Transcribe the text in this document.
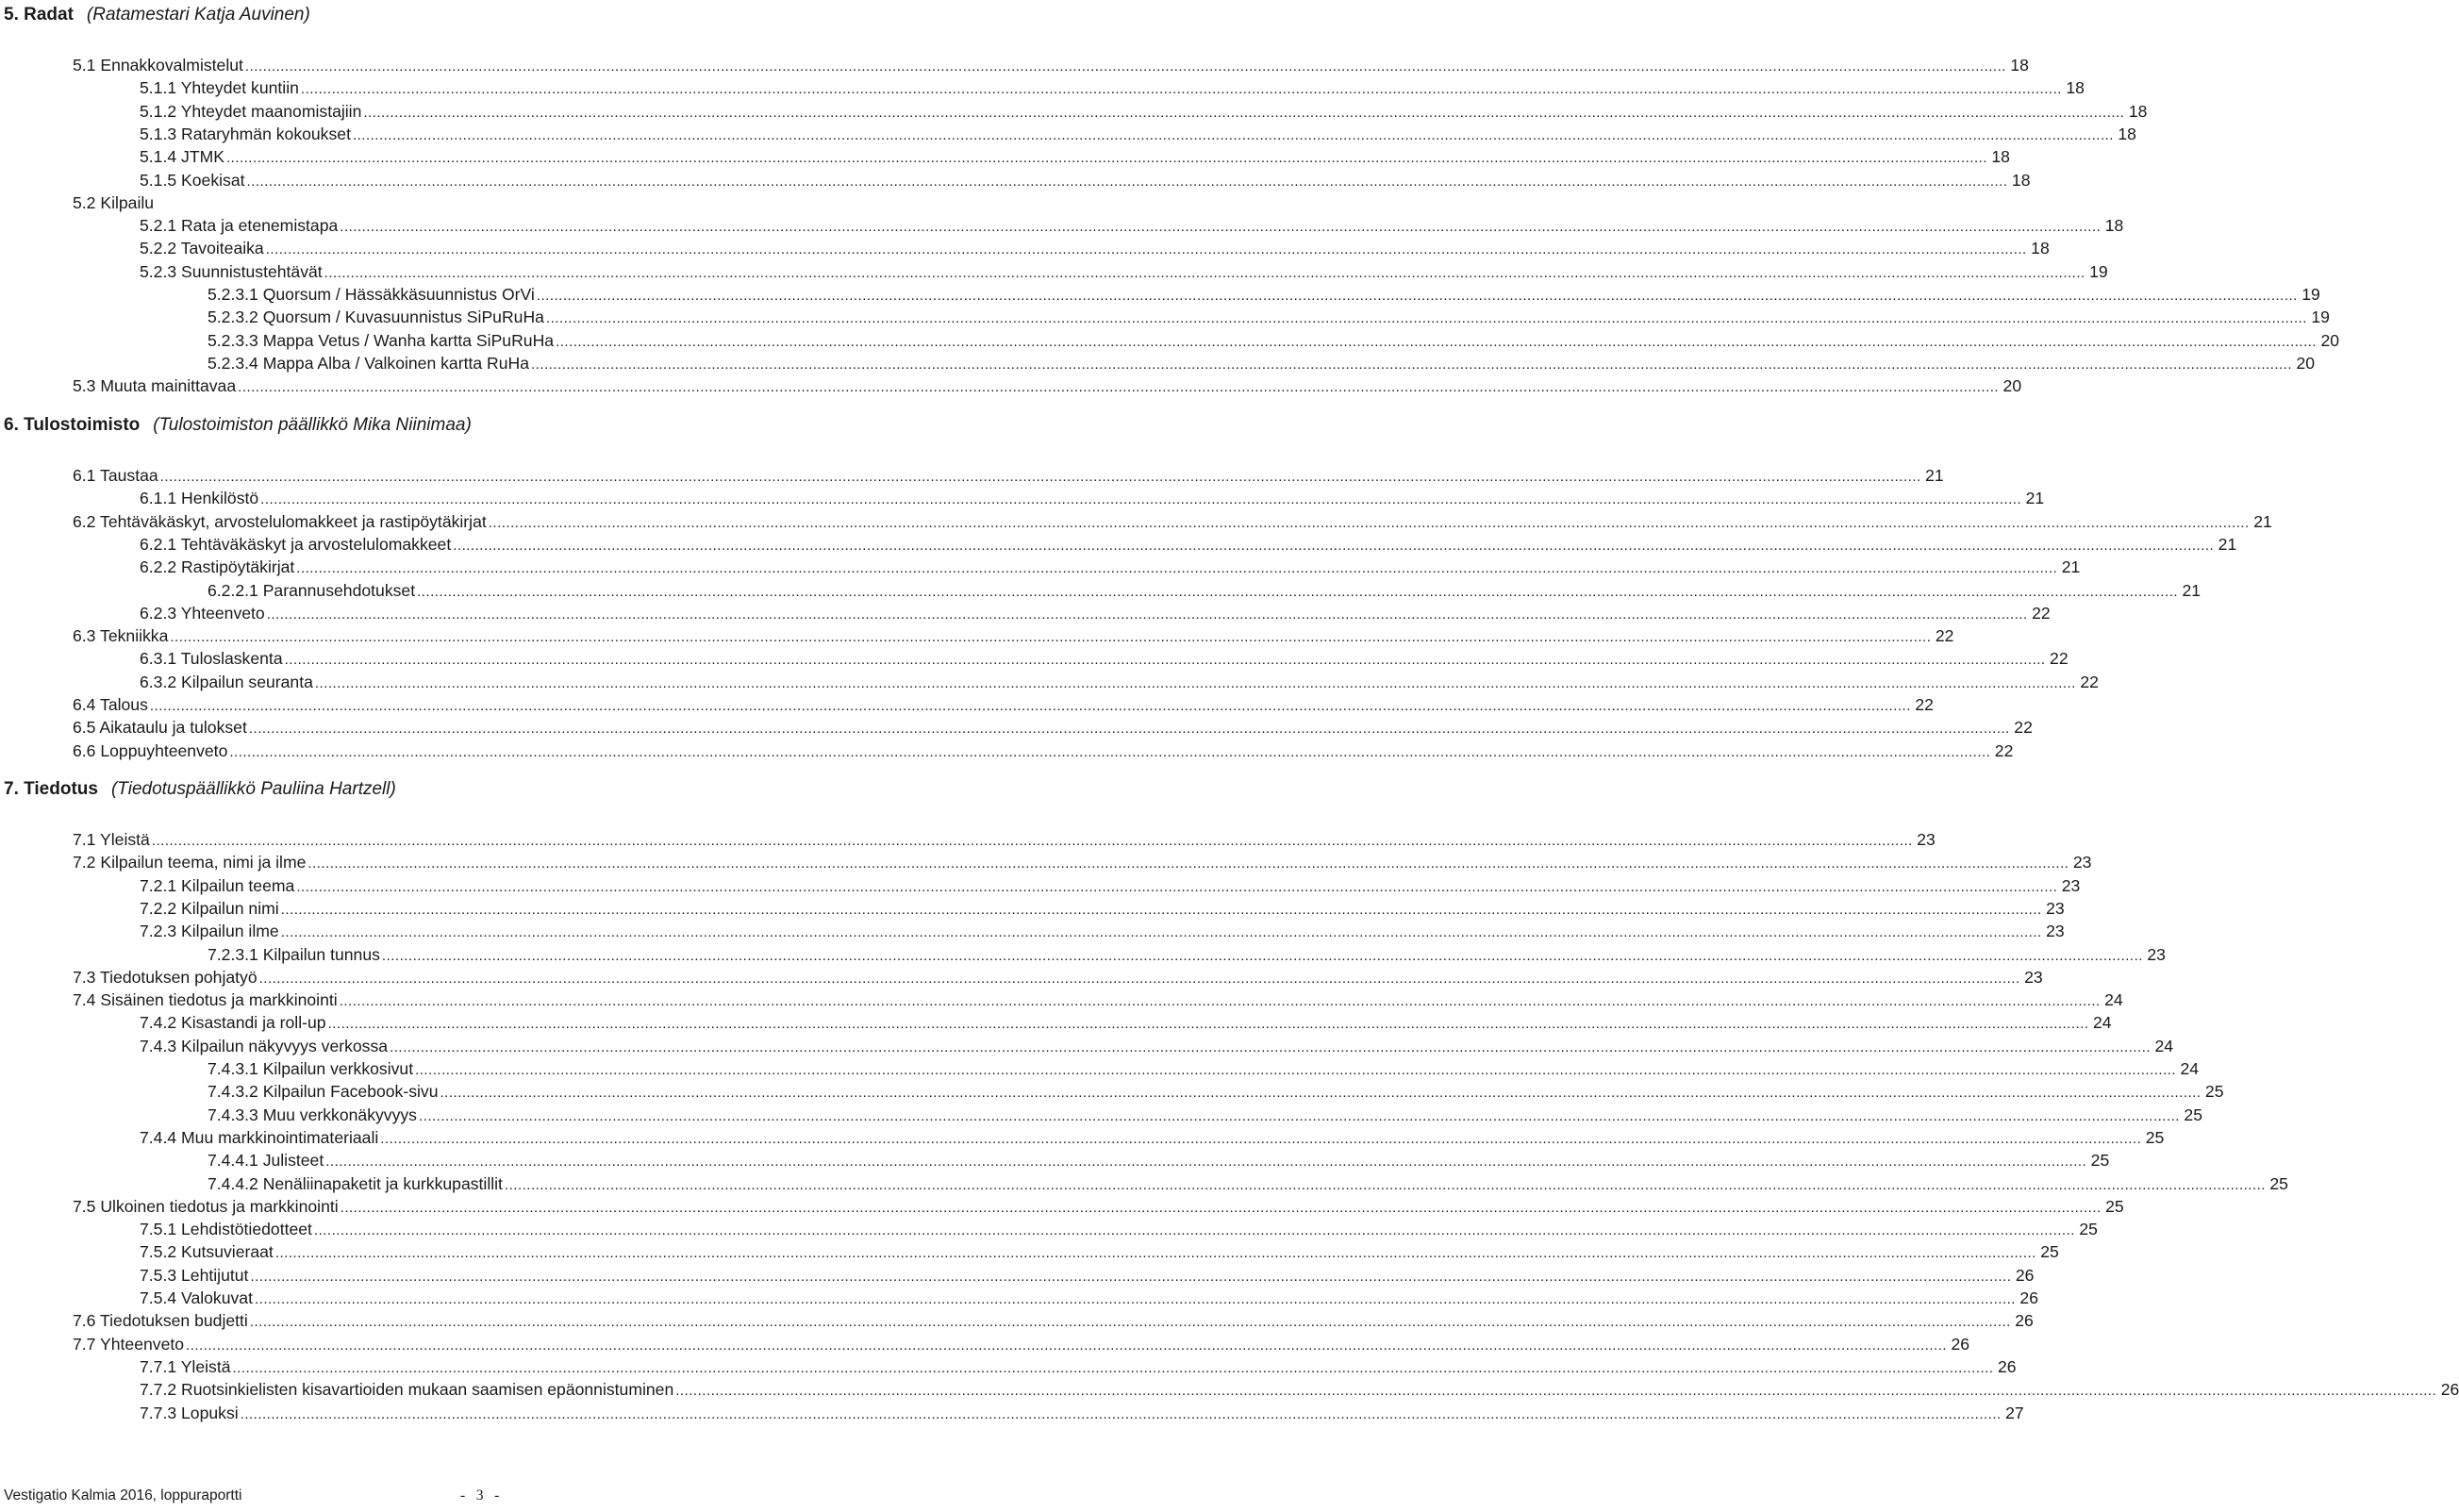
5. Radat (Ratamestari Katja Auvinen)
5.1 Ennakkovalmistelut ................................................................................................................................................................................................................................................................................................................................................................................................................ 18
5.1.1 Yhteydet kuntiin ................................................................................................................................................................................................................................................................................................................................................................................................................ 18
5.1.2 Yhteydet maanomistajiin ................................................................................................................................................................................................................................................................................................................................................................................................................ 18
5.1.3 Rataryhmän kokoukset ................................................................................................................................................................................................................................................................................................................................................................................................................ 18
5.1.4 JTMK ................................................................................................................................................................................................................................................................................................................................................................................................................ 18
5.1.5 Koekisat ................................................................................................................................................................................................................................................................................................................................................................................................................ 18
5.2 Kilpailu
5.2.1 Rata ja etenemistapa ................................................................................................................................................................................................................................................................................................................................................................................................................ 18
5.2.2 Tavoiteaika ................................................................................................................................................................................................................................................................................................................................................................................................................ 18
5.2.3 Suunnistustehtävät ................................................................................................................................................................................................................................................................................................................................................................................................................ 19
5.2.3.1 Quorsum / Hässäkkäsuunnistus OrVi ................................................................................................................................................................................................................................................................................................................................................................................................................ 19
5.2.3.2 Quorsum / Kuvasuunnistus SiPuRuHa ................................................................................................................................................................................................................................................................................................................................................................................................................ 19
5.2.3.3 Mappa Vetus / Wanha kartta SiPuRuHa ................................................................................................................................................................................................................................................................................................................................................................................................................ 20
5.2.3.4 Mappa Alba / Valkoinen kartta RuHa ................................................................................................................................................................................................................................................................................................................................................................................................................ 20
5.3 Muuta mainittavaa ................................................................................................................................................................................................................................................................................................................................................................................................................ 20
6. Tulostoimisto (Tulostoimiston päällikkö Mika Niinimaa)
6.1 Taustaa ................................................................................................................................................................................................................................................................................................................................................................................................................ 21
6.1.1 Henkilöstö ................................................................................................................................................................................................................................................................................................................................................................................................................ 21
6.2 Tehtäväkäskyt, arvostelulomakkeet ja rastipöytäkirjat ................................................................................................................................................................................................................................................................................................................................................................................................................ 21
6.2.1 Tehtäväkäskyt ja arvostelulomakkeet ................................................................................................................................................................................................................................................................................................................................................................................................................ 21
6.2.2 Rastipöytäkirjat ................................................................................................................................................................................................................................................................................................................................................................................................................ 21
6.2.2.1 Parannusehdotukset ................................................................................................................................................................................................................................................................................................................................................................................................................ 21
6.2.3 Yhteenveto ................................................................................................................................................................................................................................................................................................................................................................................................................ 22
6.3 Tekniikka ................................................................................................................................................................................................................................................................................................................................................................................................................ 22
6.3.1 Tuloslaskenta ................................................................................................................................................................................................................................................................................................................................................................................................................ 22
6.3.2 Kilpailun seuranta ................................................................................................................................................................................................................................................................................................................................................................................................................ 22
6.4 Talous ................................................................................................................................................................................................................................................................................................................................................................................................................ 22
6.5 Aikataulu ja tulokset ................................................................................................................................................................................................................................................................................................................................................................................................................ 22
6.6 Loppuyhteenveto ................................................................................................................................................................................................................................................................................................................................................................................................................ 22
7. Tiedotus (Tiedotuspäällikkö Pauliina Hartzell)
7.1 Yleistä ................................................................................................................................................................................................................................................................................................................................................................................................................ 23
7.2 Kilpailun teema, nimi ja ilme ................................................................................................................................................................................................................................................................................................................................................................................................................ 23
7.2.1 Kilpailun teema ................................................................................................................................................................................................................................................................................................................................................................................................................ 23
7.2.2 Kilpailun nimi ................................................................................................................................................................................................................................................................................................................................................................................................................ 23
7.2.3 Kilpailun ilme ................................................................................................................................................................................................................................................................................................................................................................................................................ 23
7.2.3.1 Kilpailun tunnus ................................................................................................................................................................................................................................................................................................................................................................................................................ 23
7.3 Tiedotuksen pohjatyö ................................................................................................................................................................................................................................................................................................................................................................................................................ 23
7.4 Sisäinen tiedotus ja markkinointi ................................................................................................................................................................................................................................................................................................................................................................................................................ 24
7.4.2 Kisastandi ja roll-up ................................................................................................................................................................................................................................................................................................................................................................................................................ 24
7.4.3 Kilpailun näkyvyys verkossa ................................................................................................................................................................................................................................................................................................................................................................................................................ 24
7.4.3.1 Kilpailun verkkosivut ................................................................................................................................................................................................................................................................................................................................................................................................................ 24
7.4.3.2 Kilpailun Facebook-sivu ................................................................................................................................................................................................................................................................................................................................................................................................................ 25
7.4.3.3 Muu verkkonäkyvyys ................................................................................................................................................................................................................................................................................................................................................................................................................ 25
7.4.4 Muu markkinointimateriaali ................................................................................................................................................................................................................................................................................................................................................................................................................ 25
7.4.4.1 Julisteet ................................................................................................................................................................................................................................................................................................................................................................................................................ 25
7.4.4.2 Nenäliinapaketit ja kurkkupastillit ................................................................................................................................................................................................................................................................................................................................................................................................................ 25
7.5 Ulkoinen tiedotus ja markkinointi ................................................................................................................................................................................................................................................................................................................................................................................................................ 25
7.5.1 Lehdistötiedotteet ................................................................................................................................................................................................................................................................................................................................................................................................................ 25
7.5.2 Kutsuvieraat ................................................................................................................................................................................................................................................................................................................................................................................................................ 25
7.5.3 Lehtijutut ................................................................................................................................................................................................................................................................................................................................................................................................................ 26
7.5.4 Valokuvat ................................................................................................................................................................................................................................................................................................................................................................................................................ 26
7.6 Tiedotuksen budjetti ................................................................................................................................................................................................................................................................................................................................................................................................................ 26
7.7 Yhteenveto ................................................................................................................................................................................................................................................................................................................................................................................................................ 26
7.7.1 Yleistä ................................................................................................................................................................................................................................................................................................................................................................................................................ 26
7.7.2 Ruotsinkielisten kisavartioiden mukaan saamisen epäonnistuminen ................................................................................................................................................................................................................................................................................................................................................................................................................ 26
7.7.3 Lopuksi ................................................................................................................................................................................................................................................................................................................................................................................................................ 27
Vestigatio Kalmia 2016, loppuraportti	-   3   -
